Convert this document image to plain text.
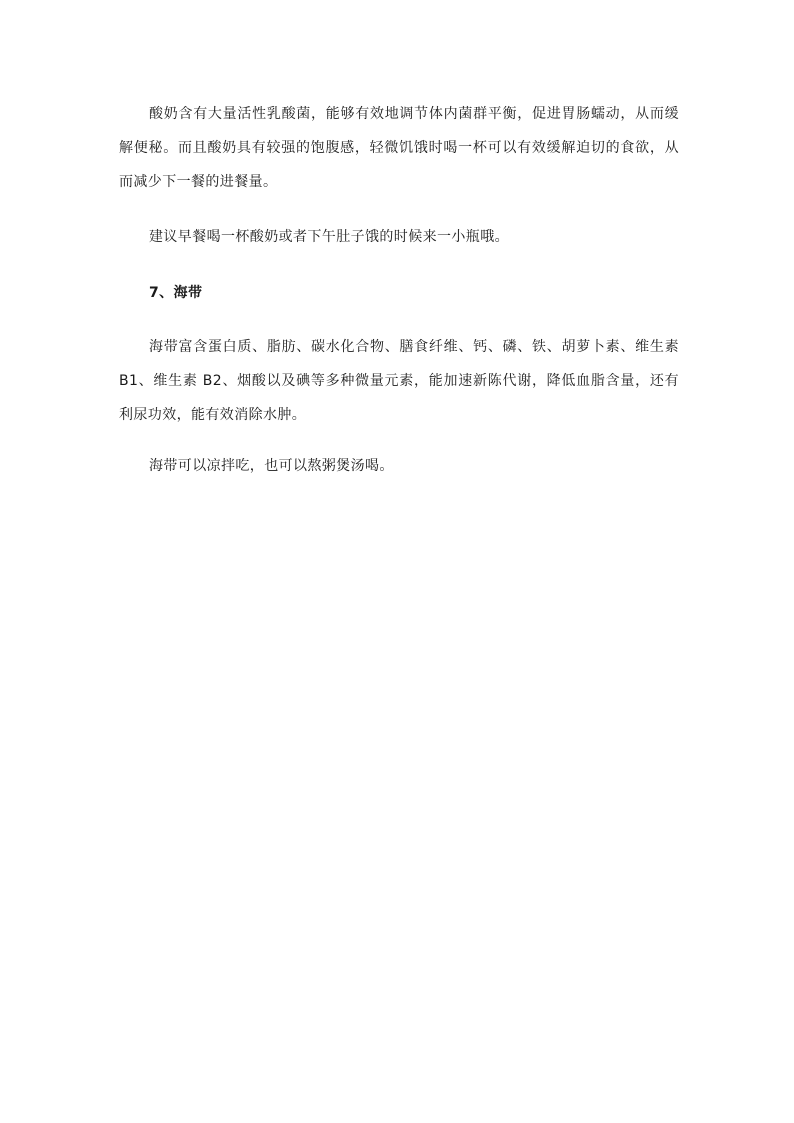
酸奶含有大量活性乳酸菌，能够有效地调节体内菌群平衡，促进胃肠蠕动，从而缓解便秘。而且酸奶具有较强的饱腹感，轻微饥饿时喝一杯可以有效缓解迫切的食欲，从而减少下一餐的进餐量。

建议早餐喝一杯酸奶或者下午肚子饿的时候来一小瓶哦。

7、海带

海带富含蛋白质、脂肪、碳水化合物、膳食纤维、钙、磷、铁、胡萝卜素、维生素 B1、维生素 B2、烟酸以及碘等多种微量元素，能加速新陈代谢，降低血脂含量，还有利尿功效，能有效消除水肿。

海带可以凉拌吃，也可以熬粥煲汤喝。
